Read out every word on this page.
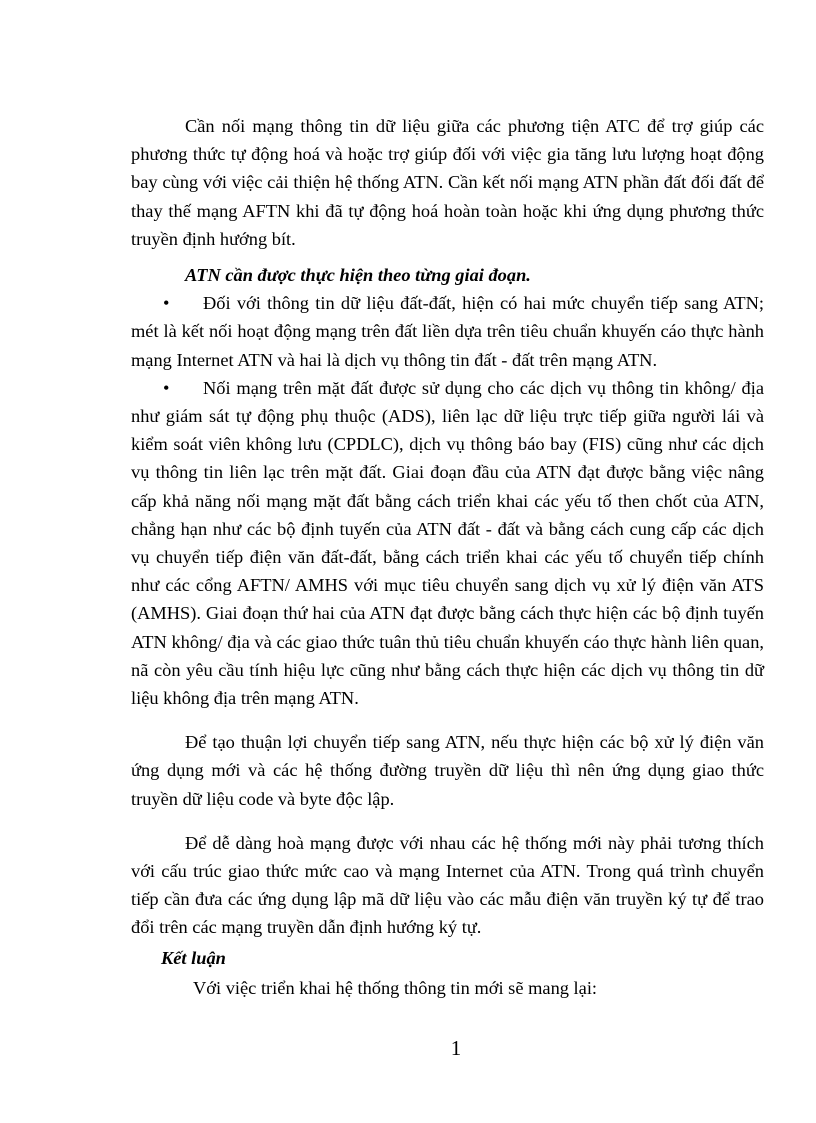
Cần nối mạng thông tin dữ liệu giữa các phương tiện ATC để trợ giúp các phương thức tự động hoá và hoặc trợ giúp đối với việc gia tăng lưu lượng hoạt động bay cùng với việc cải thiện hệ thống ATN. Cần kết nối mạng ATN phần đất đối đất để thay thế mạng AFTN khi đã tự động hoá hoàn toàn hoặc khi ứng dụng phương thức truyền định hướng bít.

ATN cần được thực hiện theo từng giai đoạn.

• Đối với thông tin dữ liệu đất-đất, hiện có hai mức chuyển tiếp sang ATN; mét là kết nối hoạt động mạng trên đất liền dựa trên tiêu chuẩn khuyến cáo thực hành mạng Internet ATN và hai là dịch vụ thông tin đất - đất trên mạng ATN.

• Nối mạng trên mặt đất được sử dụng cho các dịch vụ thông tin không/ địa như giám sát tự động phụ thuộc (ADS), liên lạc dữ liệu trực tiếp giữa người lái và kiểm soát viên không lưu (CPDLC), dịch vụ thông báo bay (FIS) cũng như các dịch vụ thông tin liên lạc trên mặt đất. Giai đoạn đầu của ATN đạt được bằng việc nâng cấp khả năng nối mạng mặt đất bằng cách triển khai các yếu tố then chốt của ATN, chẳng hạn như các bộ định tuyến của ATN đất - đất và bằng cách cung cấp các dịch vụ chuyển tiếp điện văn đất-đất, bằng cách triển khai các yếu tố chuyển tiếp chính như các cổng AFTN/ AMHS với mục tiêu chuyển sang dịch vụ xử lý điện văn ATS (AMHS). Giai đoạn thứ hai của ATN đạt được bằng cách thực hiện các bộ định tuyến ATN không/ địa và các giao thức tuân thủ tiêu chuẩn khuyến cáo thực hành liên quan, nã còn yêu cầu tính hiệu lực cũng như bằng cách thực hiện các dịch vụ thông tin dữ liệu không địa trên mạng ATN.

Để tạo thuận lợi chuyển tiếp sang ATN, nếu thực hiện các bộ xử lý điện văn ứng dụng mới và các hệ thống đường truyền dữ liệu thì nên ứng dụng giao thức truyền dữ liệu code và byte độc lập.

Để dễ dàng hoà mạng được với nhau các hệ thống mới này phải tương thích với cấu trúc giao thức mức cao và mạng Internet của ATN. Trong quá trình chuyển tiếp cần đưa các ứng dụng lập mã dữ liệu vào các mẫu điện văn truyền ký tự để trao đổi trên các mạng truyền dẫn định hướng ký tự.

Kết luận

Với việc triển khai hệ thống thông tin mới sẽ mang lại:

1
